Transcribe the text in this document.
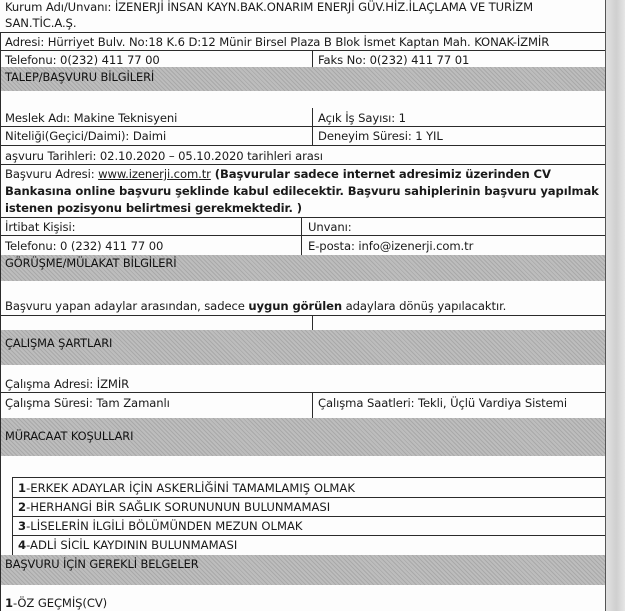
Kurum Adı/Unvanı: İZENERJİ İNSAN KAYN.BAK.ONARIM ENERJİ GÜV.HİZ.İLAÇLAMA VE TURİZM
SAN.TİC.A.Ş.
Adresi: Hürriyet Bulv. No:18 K.6 D:12 Münir Birsel Plaza B Blok İsmet Kaptan Mah. KONAK-İZMİR
Telefonu: 0(232) 411 77 00	Faks No: 0(232) 411 77 01
TALEP/BAŞVURU BİLGİLERİ
Meslek Adı: Makine Teknisyeni	Açık İş Sayısı: 1
Niteliği(Geçici/Daimi): Daimi	Deneyim Süresi: 1 YIL
aşvuru Tarihleri: 02.10.2020 – 05.10.2020 tarihleri arası
Başvuru Adresi: www.izenerji.com.tr (Başvurular sadece internet adresimiz üzerinden CV
Bankasına online başvuru şeklinde kabul edilecektir. Başvuru sahiplerinin başvuru yapılmak
istenen pozisyonu belirtmesi gerekmektedir. )
İrtibat Kişisi:	Unvanı:
Telefonu: 0 (232) 411 77 00	E-posta: info@izenerji.com.tr
GÖRÜŞME/MÜLAKAT BİLGİLERİ
Başvuru yapan adaylar arasından, sadece uygun görülen adaylara dönüş yapılacaktır.
ÇALIŞMA ŞARTLARI
Çalışma Adresi: İZMİR
Çalışma Süresi: Tam Zamanlı	Çalışma Saatleri: Tekli, Üçlü Vardiya Sistemi
MÜRACAAT KOŞULLARI
1-ERKEK ADAYLAR İÇİN ASKERLİĞİNİ TAMAMLAMIŞ OLMAK
2-HERHANGİ BİR SAĞLIK SORUNUNUN BULUNMAMASI
3-LİSELERİN İLGİLİ BÖLÜMÜNDEN MEZUN OLMAK
4-ADLİ SİCİL KAYDININ BULUNMAMASI
BAŞVURU İÇİN GEREKLİ BELGELER
1-ÖZ GEÇMİŞ(CV)
